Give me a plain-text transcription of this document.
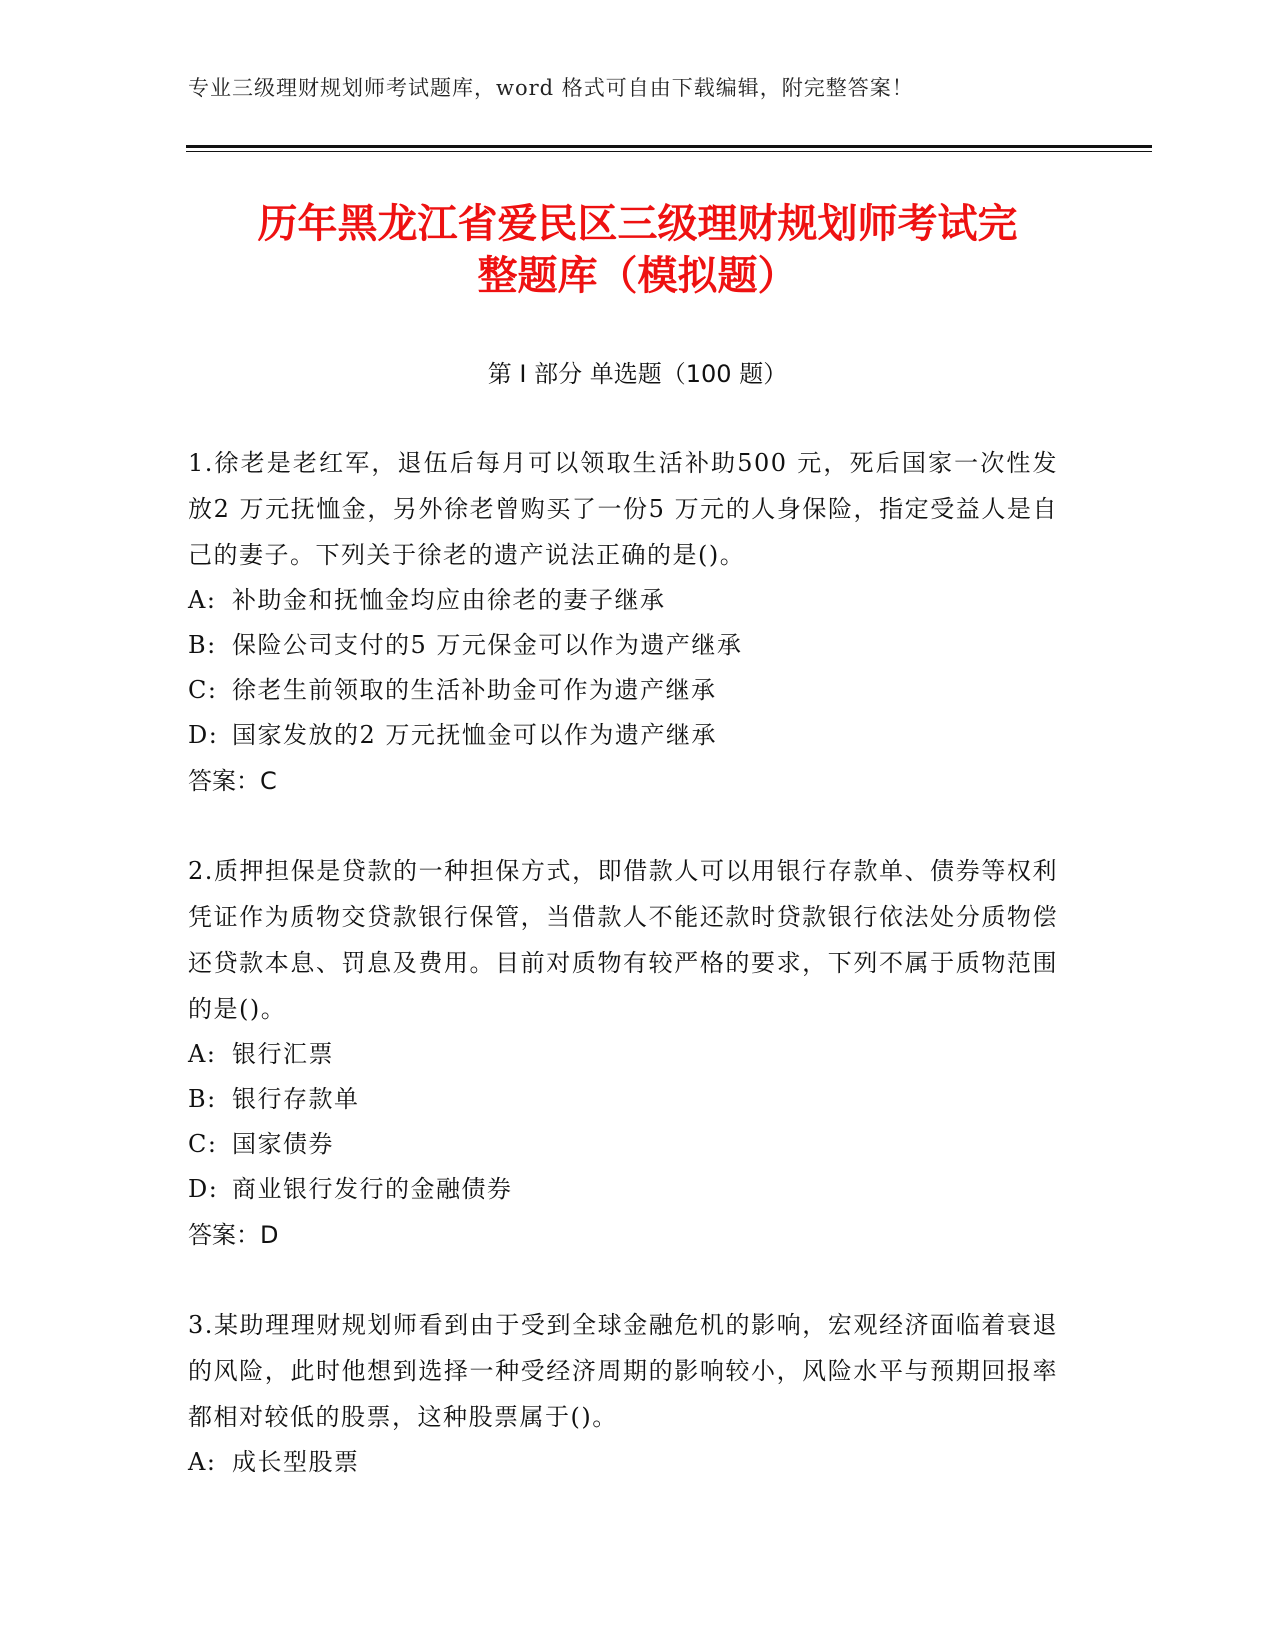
专业三级理财规划师考试题库，word 格式可自由下载编辑，附完整答案！
历年黑龙江省爱民区三级理财规划师考试完
整题库（模拟题）
第 I 部分 单选题（100 题）
1.徐老是老红军，退伍后每月可以领取生活补助500 元，死后国家一次性发放2 万元抚恤金，另外徐老曾购买了一份5 万元的人身保险，指定受益人是自己的妻子。下列关于徐老的遗产说法正确的是()。
A: 补助金和抚恤金均应由徐老的妻子继承
B: 保险公司支付的5 万元保金可以作为遗产继承
C: 徐老生前领取的生活补助金可作为遗产继承
D: 国家发放的2 万元抚恤金可以作为遗产继承
答案：C
2.质押担保是贷款的一种担保方式，即借款人可以用银行存款单、债券等权利凭证作为质物交贷款银行保管，当借款人不能还款时贷款银行依法处分质物偿还贷款本息、罚息及费用。目前对质物有较严格的要求，下列不属于质物范围的是()。
A: 银行汇票
B: 银行存款单
C: 国家债券
D: 商业银行发行的金融债券
答案：D
3.某助理理财规划师看到由于受到全球金融危机的影响，宏观经济面临着衰退的风险，此时他想到选择一种受经济周期的影响较小，风险水平与预期回报率都相对较低的股票，这种股票属于()。
A: 成长型股票
